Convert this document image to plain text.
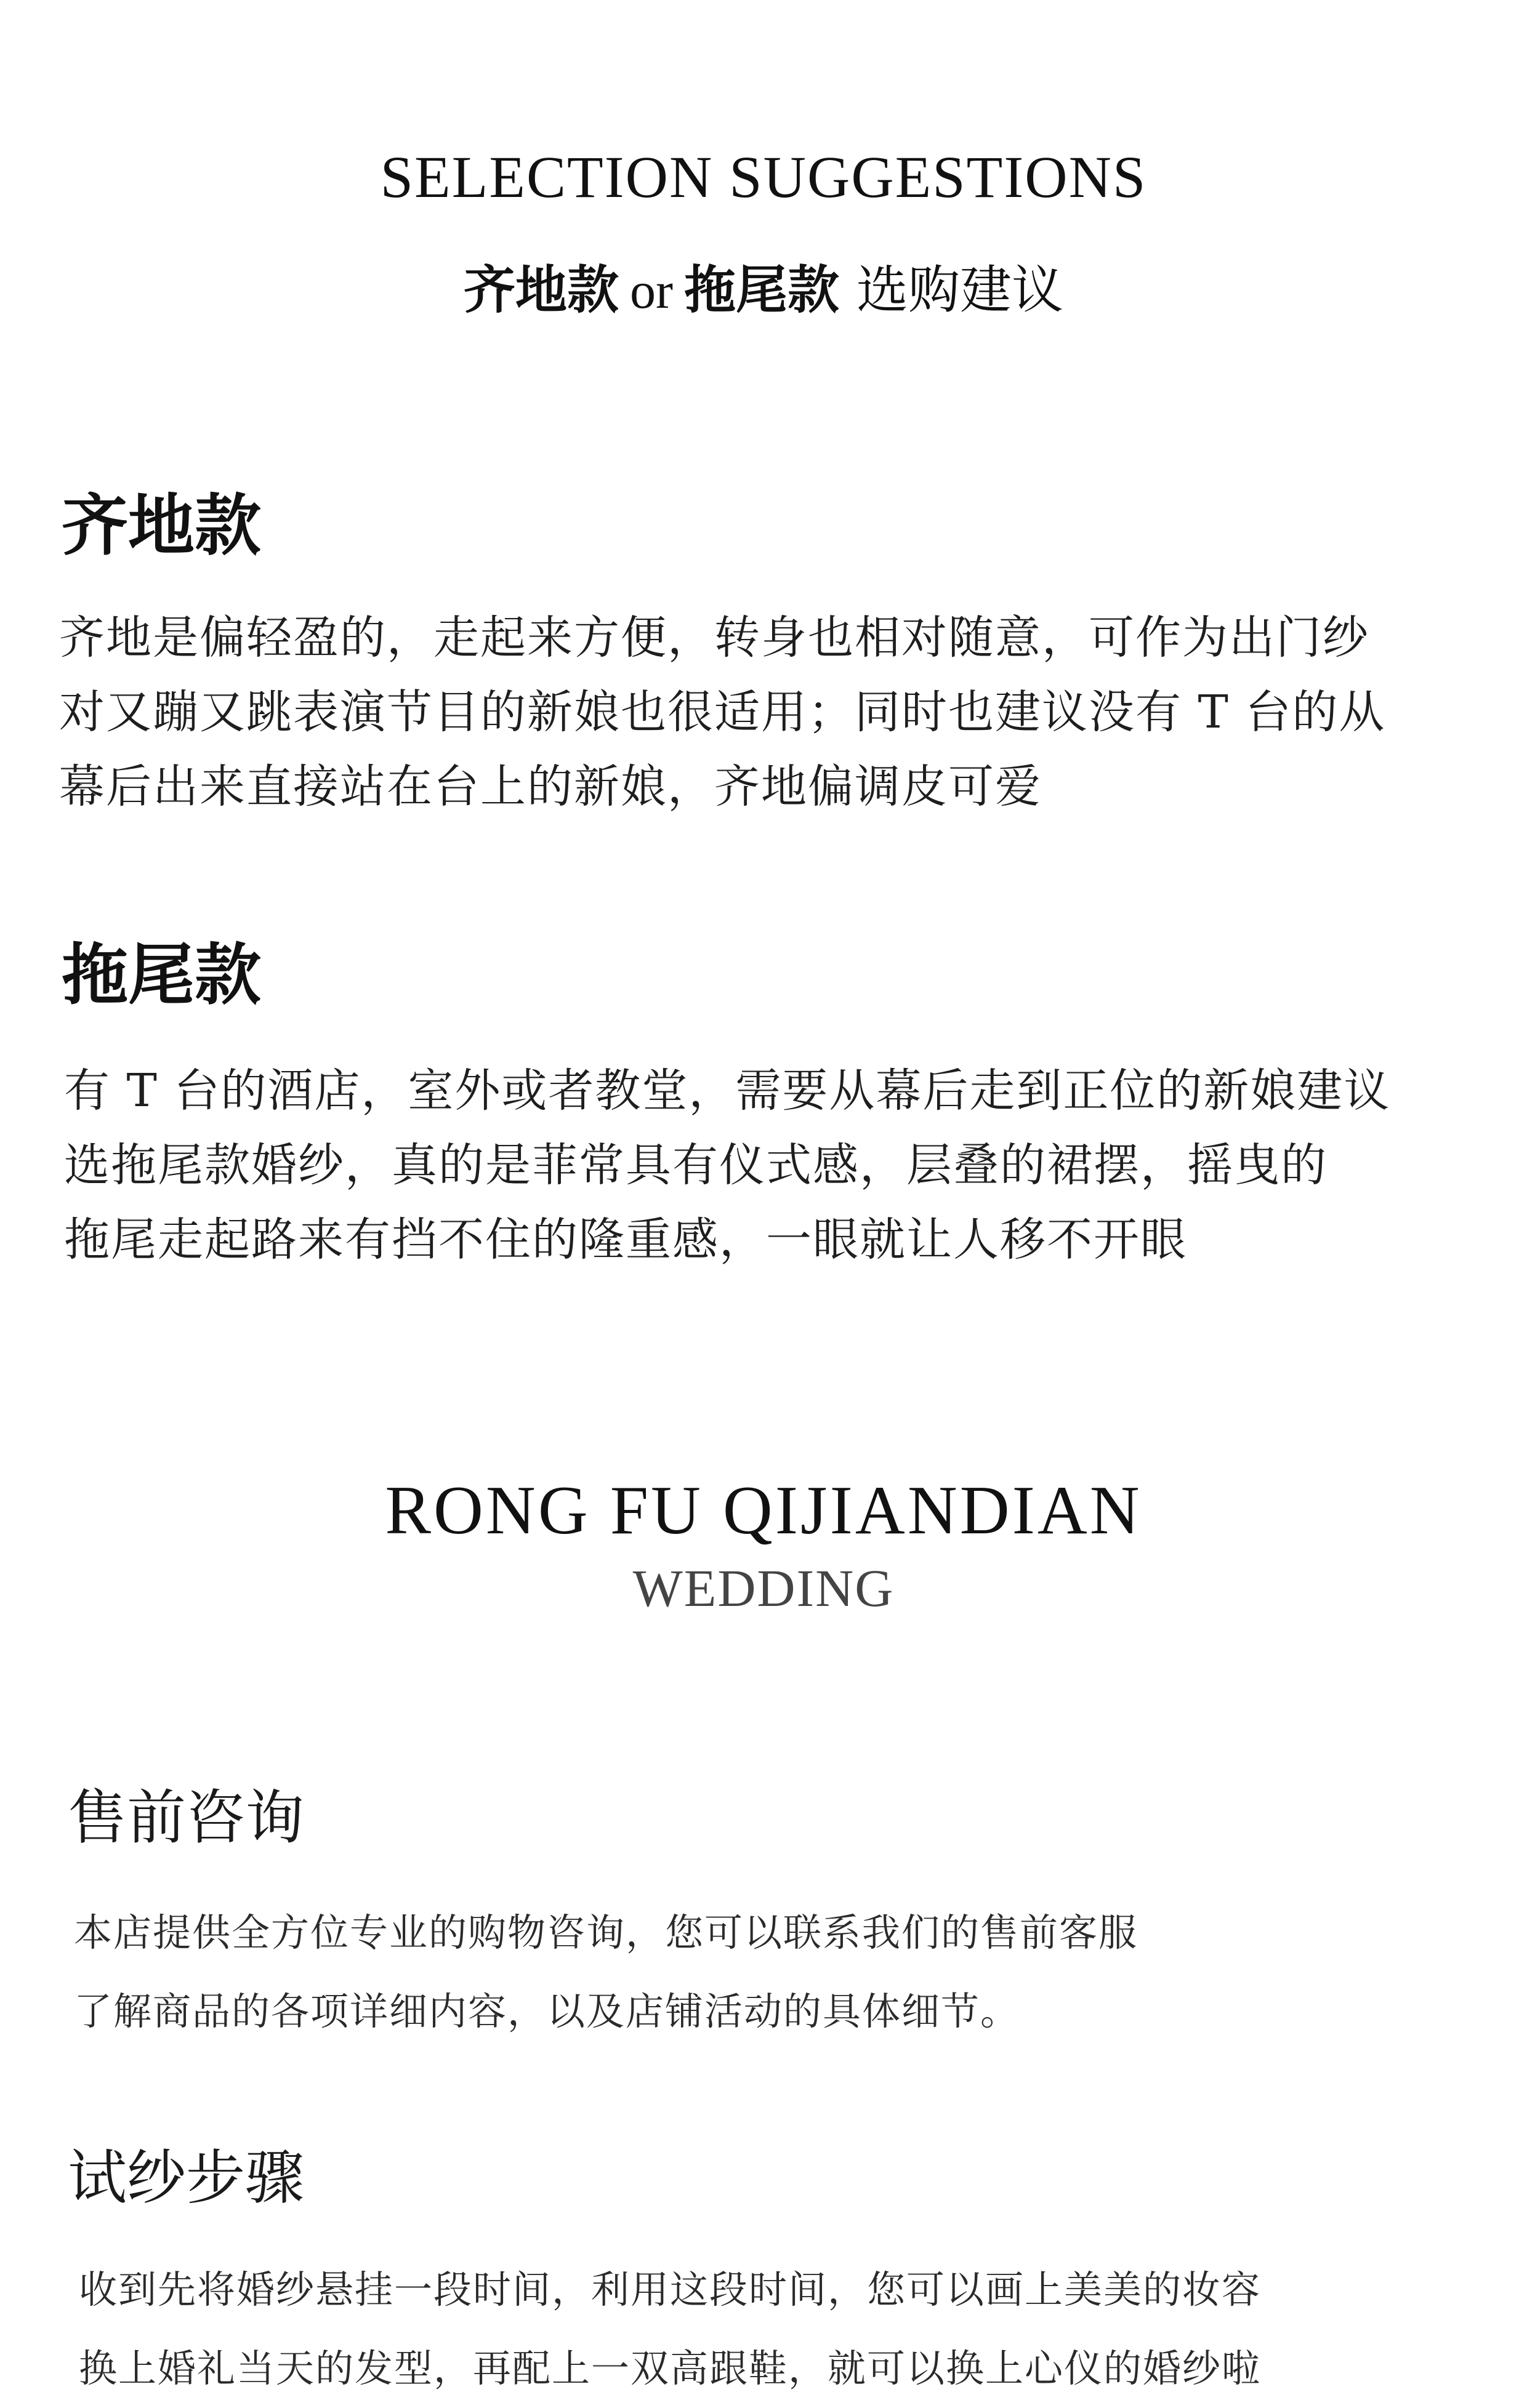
SELECTION SUGGESTIONS
齐地款 or 拖尾款 选购建议
齐地款
齐地是偏轻盈的，走起来方便，转身也相对随意，可作为出门纱
对又蹦又跳表演节目的新娘也很适用；同时也建议没有 T 台的从
幕后出来直接站在台上的新娘，齐地偏调皮可爱
拖尾款
有 T 台的酒店，室外或者教堂，需要从幕后走到正位的新娘建议
选拖尾款婚纱，真的是菲常具有仪式感，层叠的裙摆，摇曳的
拖尾走起路来有挡不住的隆重感，一眼就让人移不开眼
RONG FU QIJIANDIAN
WEDDING
售前咨询
本店提供全方位专业的购物咨询，您可以联系我们的售前客服
了解商品的各项详细内容，以及店铺活动的具体细节。
试纱步骤
收到先将婚纱悬挂一段时间，利用这段时间，您可以画上美美的妆容
换上婚礼当天的发型，再配上一双高跟鞋，就可以换上心仪的婚纱啦
